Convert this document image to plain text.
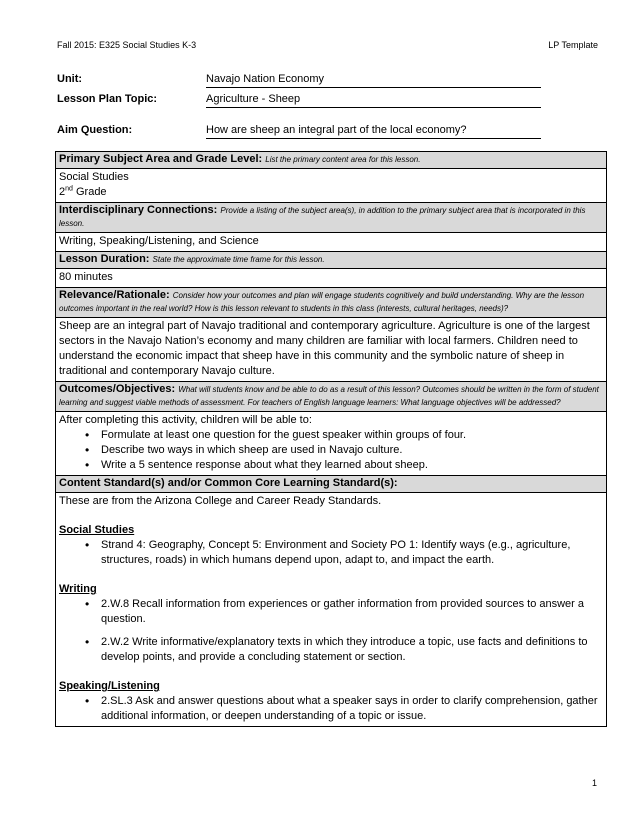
Fall 2015: E325 Social Studies K-3	LP Template
Unit:	Navajo Nation Economy
Lesson Plan Topic:	Agriculture - Sheep
Aim Question:	How are sheep an integral part of the local economy?
Primary Subject Area and Grade Level: List the primary content area for this lesson.
Social Studies
2nd Grade
Interdisciplinary Connections: Provide a listing of the subject area(s), in addition to the primary subject area that is incorporated in this lesson.
Writing, Speaking/Listening, and Science
Lesson Duration: State the approximate time frame for this lesson.
80 minutes
Relevance/Rationale: Consider how your outcomes and plan will engage students cognitively and build understanding. Why are the lesson outcomes important in the real world? How is this lesson relevant to students in this class (interests, cultural heritages, needs)?
Sheep are an integral part of Navajo traditional and contemporary agriculture. Agriculture is one of the largest sectors in the Navajo Nation’s economy and many children are familiar with local farmers. Children need to understand the economic impact that sheep have in this community and the symbolic nature of sheep in traditional and contemporary Navajo culture.
Outcomes/Objectives: What will students know and be able to do as a result of this lesson? Outcomes should be written in the form of student learning and suggest viable methods of assessment. For teachers of English language learners: What language objectives will be addressed?
After completing this activity, children will be able to:
• Formulate at least one question for the guest speaker within groups of four.
• Describe two ways in which sheep are used in Navajo culture.
• Write a 5 sentence response about what they learned about sheep.
Content Standard(s) and/or Common Core Learning Standard(s):
These are from the Arizona College and Career Ready Standards.
Social Studies
• Strand 4: Geography, Concept 5: Environment and Society PO 1: Identify ways (e.g., agriculture, structures, roads) in which humans depend upon, adapt to, and impact the earth.
Writing
• 2.W.8 Recall information from experiences or gather information from provided sources to answer a question.
• 2.W.2 Write informative/explanatory texts in which they introduce a topic, use facts and definitions to develop points, and provide a concluding statement or section.
Speaking/Listening
• 2.SL.3 Ask and answer questions about what a speaker says in order to clarify comprehension, gather additional information, or deepen understanding of a topic or issue.
1
